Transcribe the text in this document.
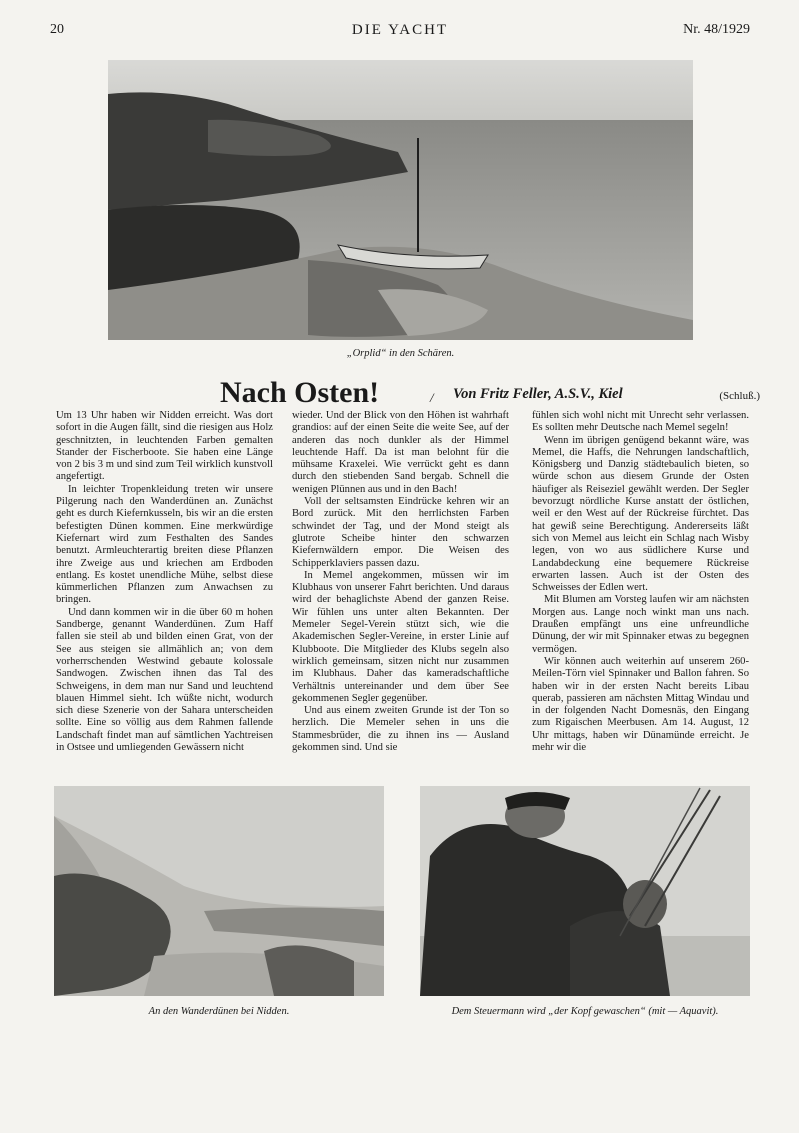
20	DIE YACHT	Nr. 48/1929
„Orplid“ in den Schären.
Nach Osten!	/ Von Fritz Feller, A.S.V., Kiel	(Schluß.)

Um 13 Uhr haben wir Nidden erreicht. Was dort sofort in die Augen fällt, sind die riesigen aus Holz geschnitzten, in leuchtenden Farben gemalten Stander der Fischerboote. Sie haben eine Länge von 2 bis 3 m und sind zum Teil wirklich kunstvoll angefertigt.

In leichter Tropenkleidung treten wir unsere Pilgerung nach den Wanderdünen an. Zunächst geht es durch Kiefernkusseln, bis wir an die ersten befestigten Dünen kommen. Eine merkwürdige Kiefernart wird zum Festhalten des Sandes benutzt. Armleuchterartig breiten diese Pflanzen ihre Zweige aus und kriechen am Erdboden entlang. Es kostet unendliche Mühe, selbst diese kümmerlichen Pflanzen zum Anwachsen zu bringen.

Und dann kommen wir in die über 60 m hohen Sandberge, genannt Wanderdünen. Zum Haff fallen sie steil ab und bilden einen Grat, von der See aus steigen sie allmählich an; von dem vorherrschenden Westwind gebaute kolossale Sandwogen. Zwischen ihnen das Tal des Schweigens, in dem man nur Sand und leuchtend blauen Himmel sieht. Ich wüßte nicht, wodurch sich diese Szenerie von der Sahara unterscheiden sollte. Eine so völlig aus dem Rahmen fallende Landschaft findet man auf sämtlichen Yachtreisen in Ostsee und umliegenden Gewässern nicht

wieder. Und der Blick von den Höhen ist wahrhaft grandios: auf der einen Seite die weite See, auf der anderen das noch dunkler als der Himmel leuchtende Haff. Da ist man belohnt für die mühsame Kraxelei. Wie verrückt geht es dann durch den stiebenden Sand bergab. Schnell die wenigen Plünnen aus und in den Bach!

Voll der seltsamsten Eindrücke kehren wir an Bord zurück. Mit den herrlichsten Farben schwindet der Tag, und der Mond steigt als glutrote Scheibe hinter den schwarzen Kiefernwäldern empor. Die Weisen des Schipperklaviers passen dazu.

In Memel angekommen, müssen wir im Klubhaus von unserer Fahrt berichten. Und daraus wird der behaglichste Abend der ganzen Reise. Wir fühlen uns unter alten Bekannten. Der Memeler Segel-Verein stützt sich, wie die Akademischen Segler-Vereine, in erster Linie auf Klubboote. Die Mitglieder des Klubs segeln also wirklich gemeinsam, sitzen nicht nur zusammen im Klubhaus. Daher das kameradschaftliche Verhältnis untereinander und dem über See gekommenen Segler gegenüber.

Und aus einem zweiten Grunde ist der Ton so herzlich. Die Memeler sehen in uns die Stammesbrüder, die zu ihnen ins — Ausland gekommen sind. Und sie

fühlen sich wohl nicht mit Unrecht sehr verlassen. Es sollten mehr Deutsche nach Memel segeln!

Wenn im übrigen genügend bekannt wäre, was Memel, die Haffs, die Nehrungen landschaftlich, Königsberg und Danzig städtebaulich bieten, so würde schon aus diesem Grunde der Osten häufiger als Reiseziel gewählt werden. Der Segler bevorzugt nördliche Kurse anstatt der östlichen, weil er den West auf der Rückreise fürchtet. Das hat gewiß seine Berechtigung. Andererseits läßt sich von Memel aus leicht ein Schlag nach Wisby legen, von wo aus südlichere Kurse und Landabdeckung eine bequemere Rückreise erwarten lassen. Auch ist der Osten des Schweisses der Edlen wert.

Mit Blumen am Vorsteg laufen wir am nächsten Morgen aus. Lange noch winkt man uns nach. Draußen empfängt uns eine unfreundliche Dünung, der wir mit Spinnaker etwas zu begegnen vermögen.

Wir können auch weiterhin auf unserem 260-Meilen-Törn viel Spinnaker und Ballon fahren. So haben wir in der ersten Nacht bereits Libau querab, passieren am nächsten Mittag Windau und in der folgenden Nacht Domesnäs, den Eingang zum Rigaischen Meerbusen. Am 14. August, 12 Uhr mittags, haben wir Dünamünde erreicht. Je mehr wir die

An den Wanderdünen bei Nidden.	Dem Steuermann wird „der Kopf gewaschen“ (mit — Aquavit).
